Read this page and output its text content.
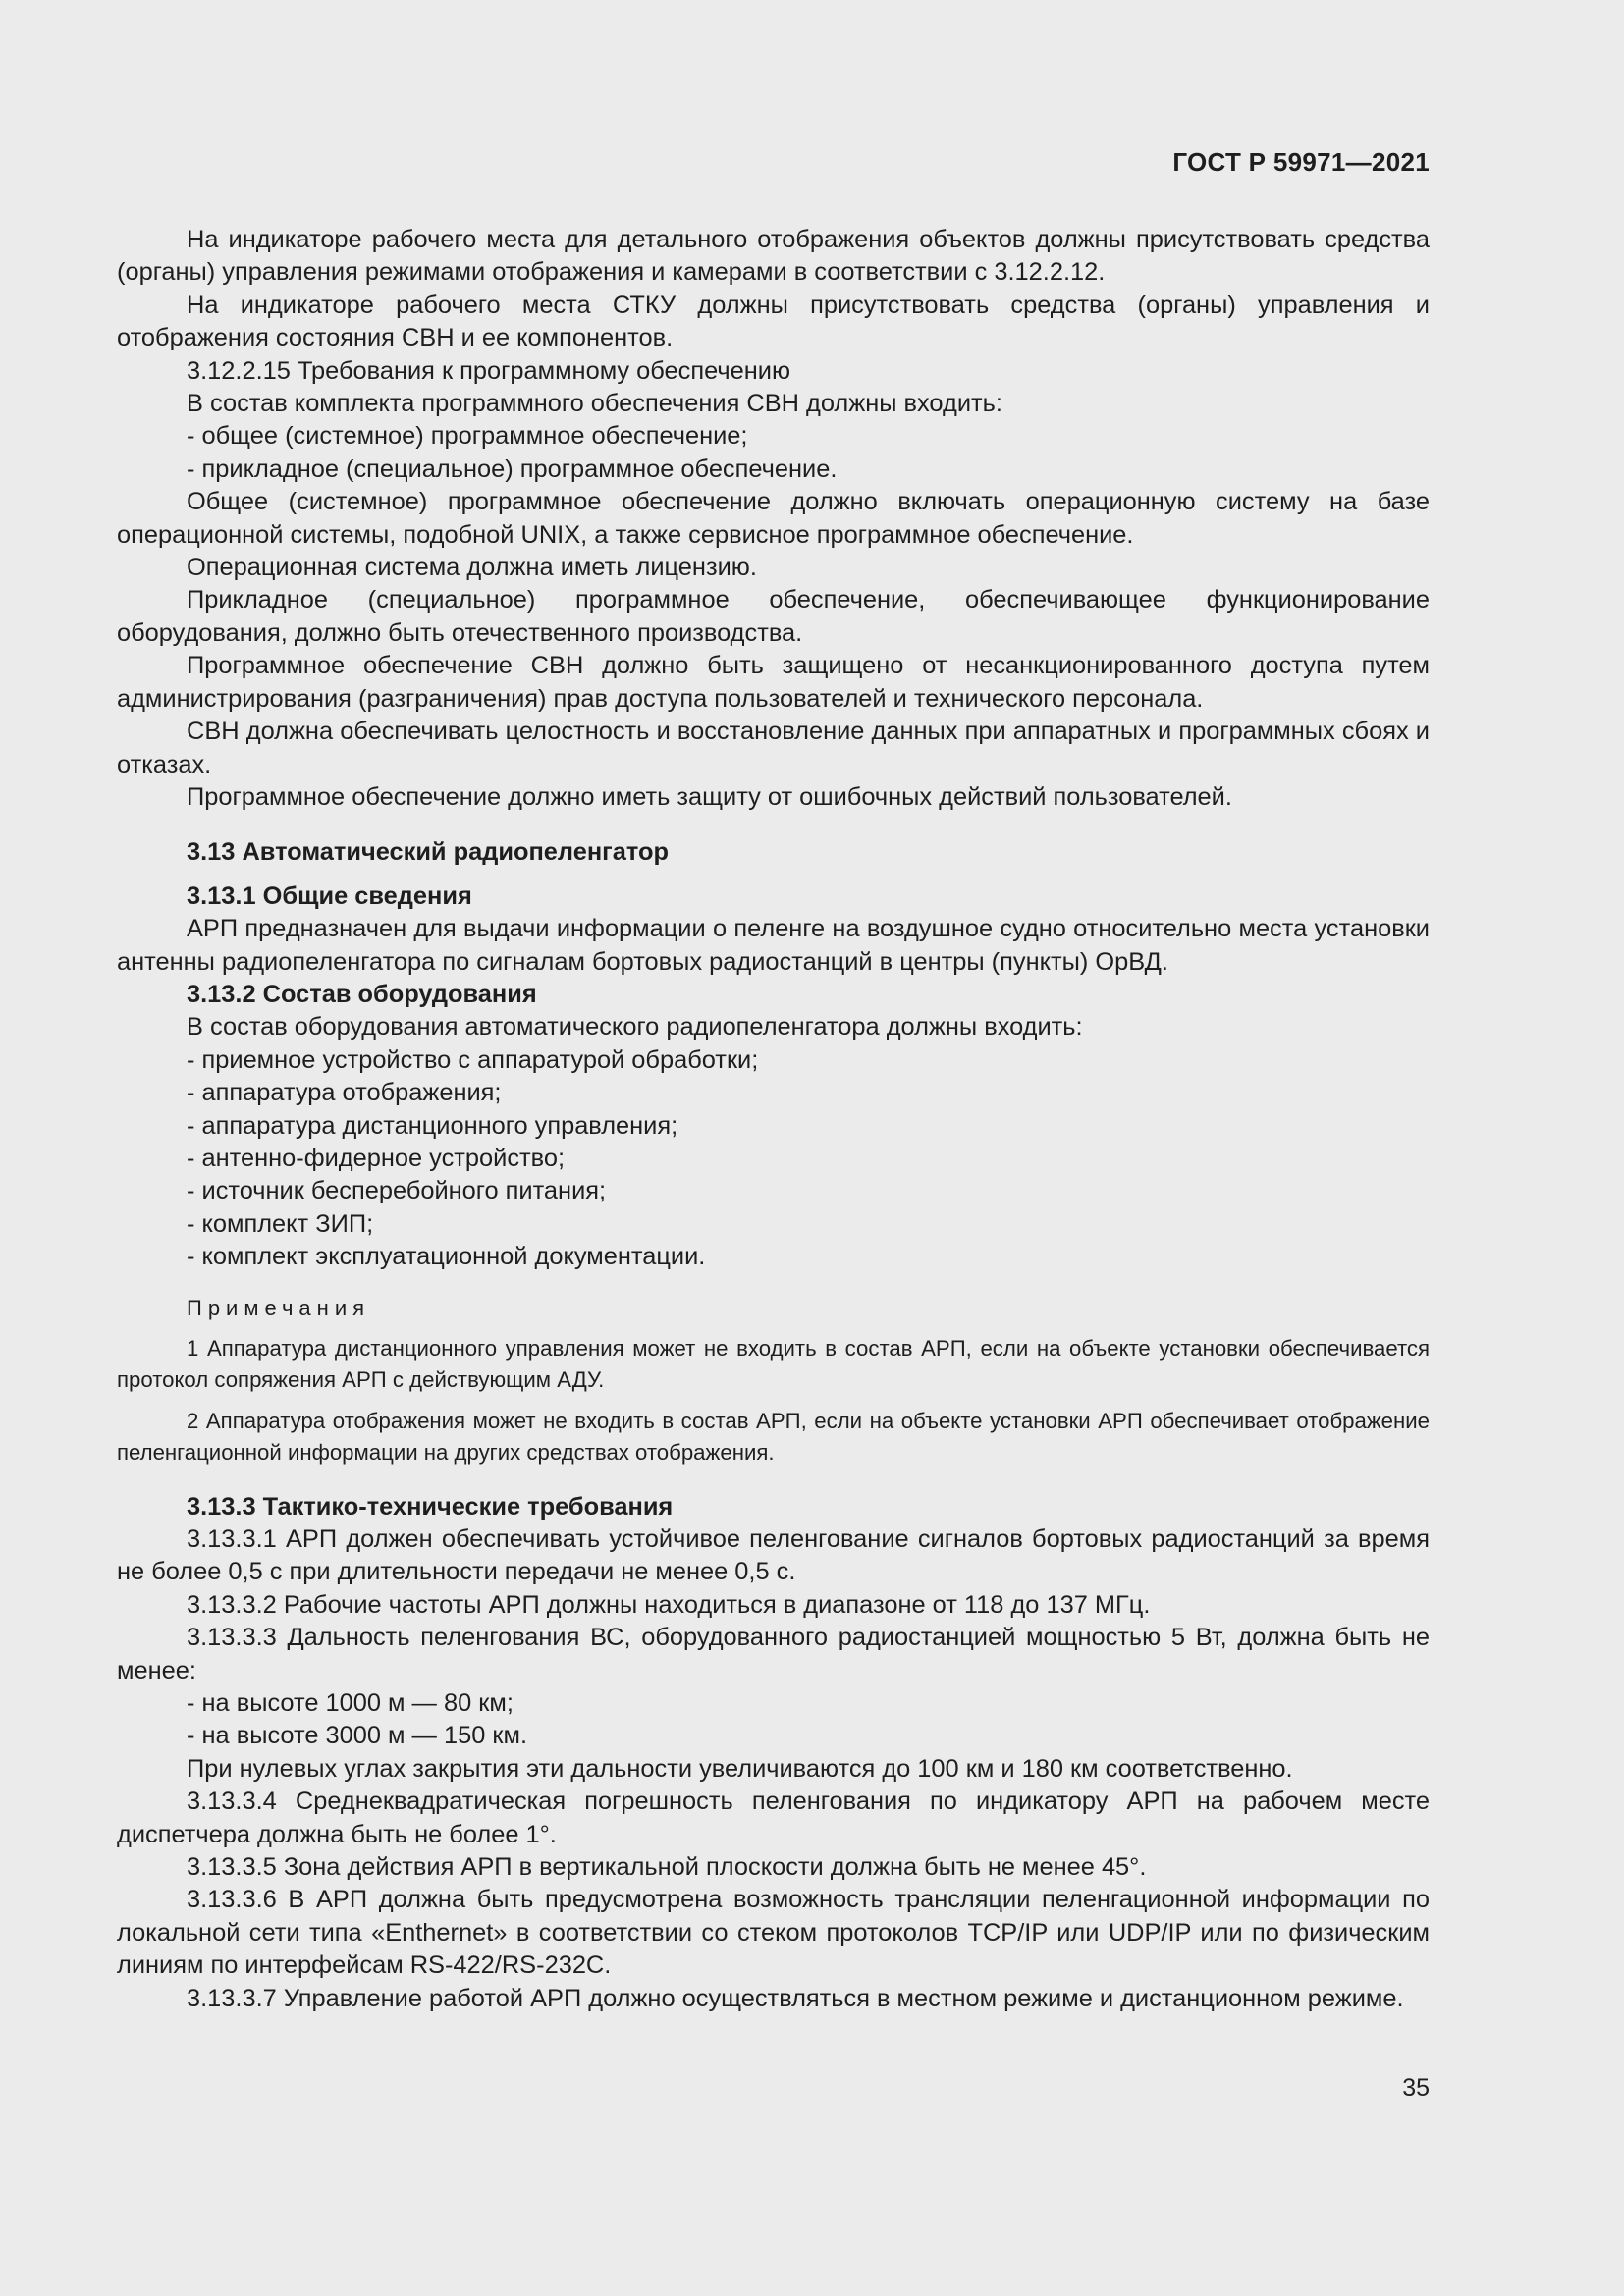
ГОСТ Р 59971—2021

На индикаторе рабочего места для детального отображения объектов должны присутствовать средства (органы) управления режимами отображения и камерами в соответствии с 3.12.2.12.

На индикаторе рабочего места СТКУ должны присутствовать средства (органы) управления и отображения состояния СВН и ее компонентов.

3.12.2.15 Требования к программному обеспечению

В состав комплекта программного обеспечения СВН должны входить:

- общее (системное) программное обеспечение;

- прикладное (специальное) программное обеспечение.

Общее (системное) программное обеспечение должно включать операционную систему на базе операционной системы, подобной UNIX, а также сервисное программное обеспечение.

Операционная система должна иметь лицензию.

Прикладное (специальное) программное обеспечение, обеспечивающее функционирование оборудования, должно быть отечественного производства.

Программное обеспечение СВН должно быть защищено от несанкционированного доступа путем администрирования (разграничения) прав доступа пользователей и технического персонала.

СВН должна обеспечивать целостность и восстановление данных при аппаратных и программных сбоях и отказах.

Программное обеспечение должно иметь защиту от ошибочных действий пользователей.

3.13 Автоматический радиопеленгатор

3.13.1 Общие сведения

АРП предназначен для выдачи информации о пеленге на воздушное судно относительно места установки антенны радиопеленгатора по сигналам бортовых радиостанций в центры (пункты) ОрВД.

3.13.2 Состав оборудования

В состав оборудования автоматического радиопеленгатора должны входить:

- приемное устройство с аппаратурой обработки;

- аппаратура отображения;

- аппаратура дистанционного управления;

- антенно-фидерное устройство;

- источник бесперебойного питания;

- комплект ЗИП;

- комплект эксплуатационной документации.

Примечания

1 Аппаратура дистанционного управления может не входить в состав АРП, если на объекте установки обеспечивается протокол сопряжения АРП с действующим АДУ.

2 Аппаратура отображения может не входить в состав АРП, если на объекте установки АРП обеспечивает отображение пеленгационной информации на других средствах отображения.

3.13.3 Тактико-технические требования

3.13.3.1 АРП должен обеспечивать устойчивое пеленгование сигналов бортовых радиостанций за время не более 0,5 с при длительности передачи не менее 0,5 с.

3.13.3.2 Рабочие частоты АРП должны находиться в диапазоне от 118 до 137 МГц.

3.13.3.3 Дальность пеленгования ВС, оборудованного радиостанцией мощностью 5 Вт, должна быть не менее:

- на высоте 1000 м — 80 км;

- на высоте 3000 м — 150 км.

При нулевых углах закрытия эти дальности увеличиваются до 100 км и 180 км соответственно.

3.13.3.4 Среднеквадратическая погрешность пеленгования по индикатору АРП на рабочем месте диспетчера должна быть не более 1°.

3.13.3.5 Зона действия АРП в вертикальной плоскости должна быть не менее 45°.

3.13.3.6 В АРП должна быть предусмотрена возможность трансляции пеленгационной информации по локальной сети типа «Enthernet» в соответствии со стеком протоколов TCP/IP или UDP/IP или по физическим линиям по интерфейсам RS-422/RS-232C.

3.13.3.7 Управление работой АРП должно осуществляться в местном режиме и дистанционном режиме.

35
